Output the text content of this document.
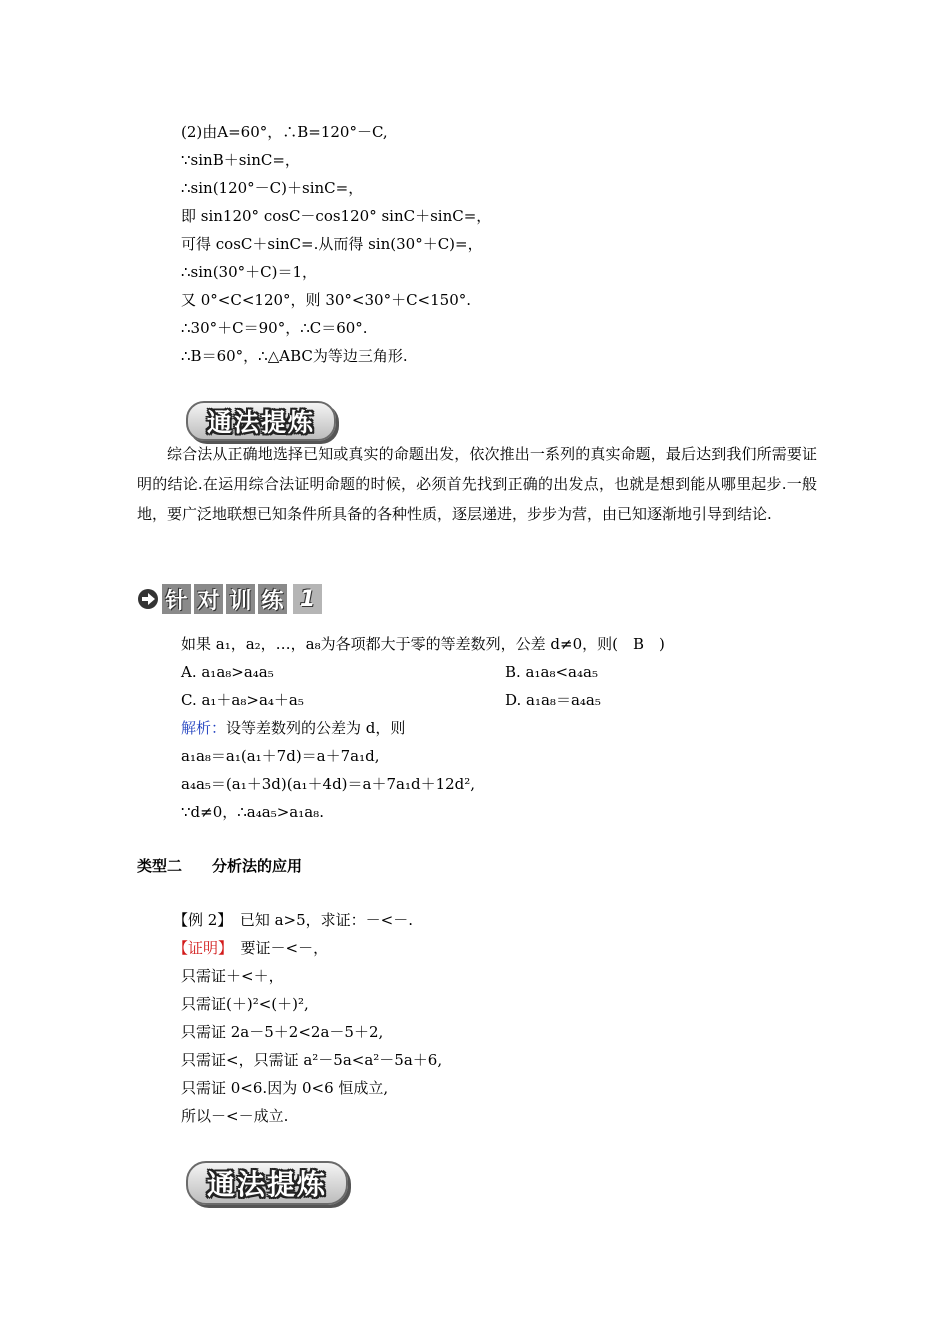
(2)由A=60°，∴B=120°－C,
∵sinB＋sinC=，
∴sin(120°－C)＋sinC=，
即 sin120° cosC－cos120° sinC＋sinC=，
可得 cosC＋sinC=.从而得 sin(30°＋C)=，
∴sin(30°＋C)＝1，
又 0°<C<120°，则 30°<30°＋C<150°.
∴30°＋C＝90°，∴C＝60°.
∴B＝60°，∴△ABC为等边三角形.
通法提炼
综合法从正确地选择已知或真实的命题出发，依次推出一系列的真实命题，最后达到我们所需要证明的结论.在运用综合法证明命题的时候，必须首先找到正确的出发点，也就是想到能从哪里起步.一般地，要广泛地联想已知条件所具备的各种性质，逐层递进，步步为营，由已知逐渐地引导到结论.
针 对 训 练 1
如果 a₁，a₂，…，a₈为各项都大于零的等差数列，公差 d≠0，则(　B　)
A. a₁a₈>a₄a₅	B. a₁a₈<a₄a₅
C. a₁＋a₈>a₄＋a₅	D. a₁a₈＝a₄a₅
解析：设等差数列的公差为 d，则
a₁a₈＝a₁(a₁＋7d)＝a＋7a₁d,
a₄a₅＝(a₁＋3d)(a₁＋4d)＝a＋7a₁d＋12d²,
∵d≠0，∴a₄a₅>a₁a₈.
类型二　　分析法的应用
【例 2】　已知 a>5，求证：－<－.
【证明】　要证－<－，
只需证＋<＋，
只需证(＋)²<(＋)²,
只需证 2a－5＋2<2a－5＋2,
只需证<，只需证 a²－5a<a²－5a＋6,
只需证 0<6.因为 0<6 恒成立,
所以－<－成立.
通法提炼
